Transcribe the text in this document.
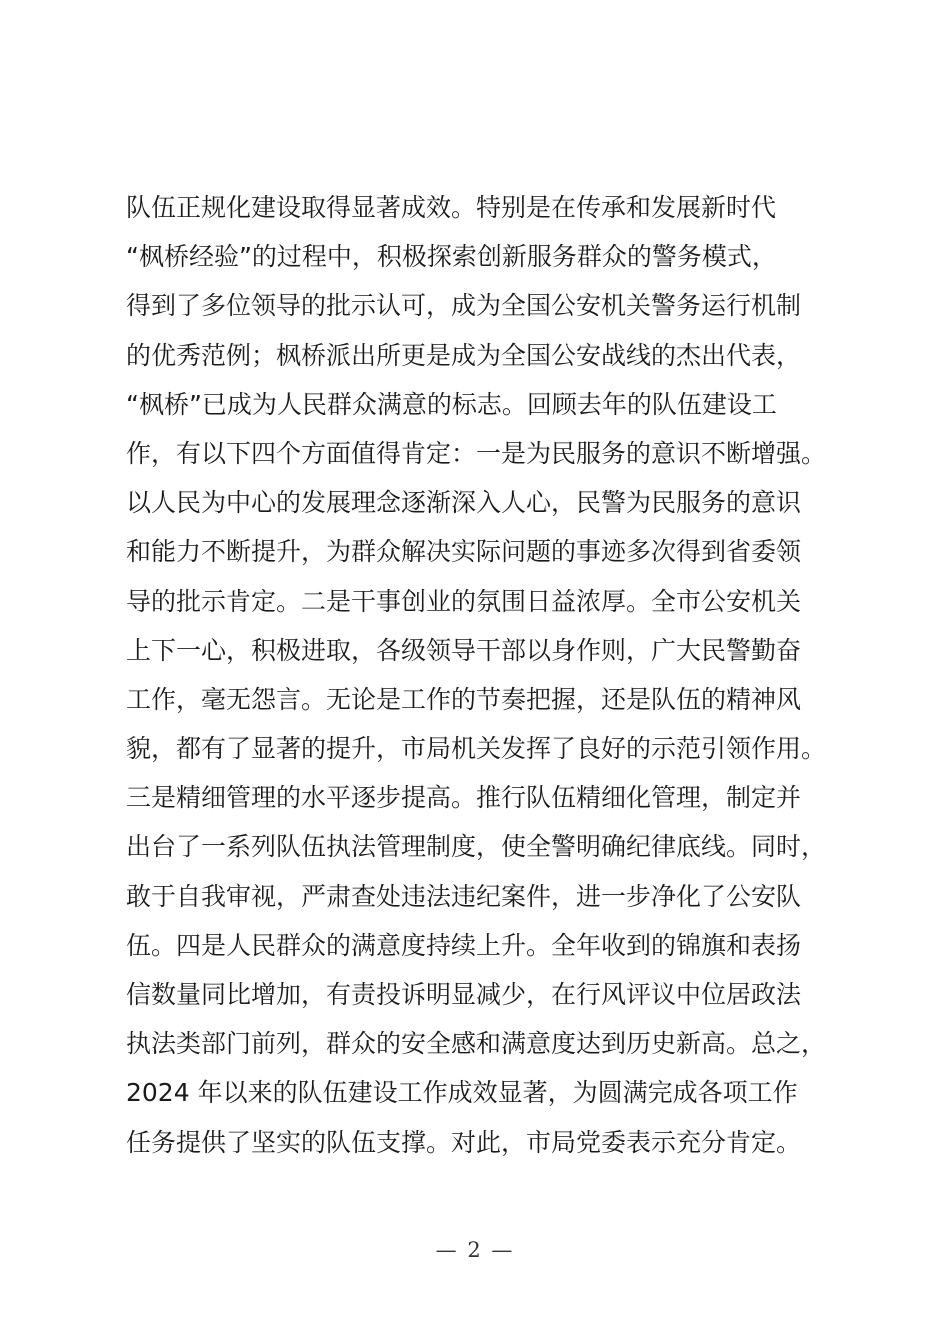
队伍正规化建设取得显著成效。特别是在传承和发展新时代
“枫桥经验”的过程中，积极探索创新服务群众的警务模式，
得到了多位领导的批示认可，成为全国公安机关警务运行机制
的优秀范例；枫桥派出所更是成为全国公安战线的杰出代表，
“枫桥”已成为人民群众满意的标志。回顾去年的队伍建设工
作，有以下四个方面值得肯定：一是为民服务的意识不断增强。
以人民为中心的发展理念逐渐深入人心，民警为民服务的意识
和能力不断提升，为群众解决实际问题的事迹多次得到省委领
导的批示肯定。二是干事创业的氛围日益浓厚。全市公安机关
上下一心，积极进取，各级领导干部以身作则，广大民警勤奋
工作，毫无怨言。无论是工作的节奏把握，还是队伍的精神风
貌，都有了显著的提升，市局机关发挥了良好的示范引领作用。
三是精细管理的水平逐步提高。推行队伍精细化管理，制定并
出台了一系列队伍执法管理制度，使全警明确纪律底线。同时，
敢于自我审视，严肃查处违法违纪案件，进一步净化了公安队
伍。四是人民群众的满意度持续上升。全年收到的锦旗和表扬
信数量同比增加，有责投诉明显减少，在行风评议中位居政法
执法类部门前列，群众的安全感和满意度达到历史新高。总之，
2024 年以来的队伍建设工作成效显著，为圆满完成各项工作
任务提供了坚实的队伍支撑。对此，市局党委表示充分肯定。
— 2 —
